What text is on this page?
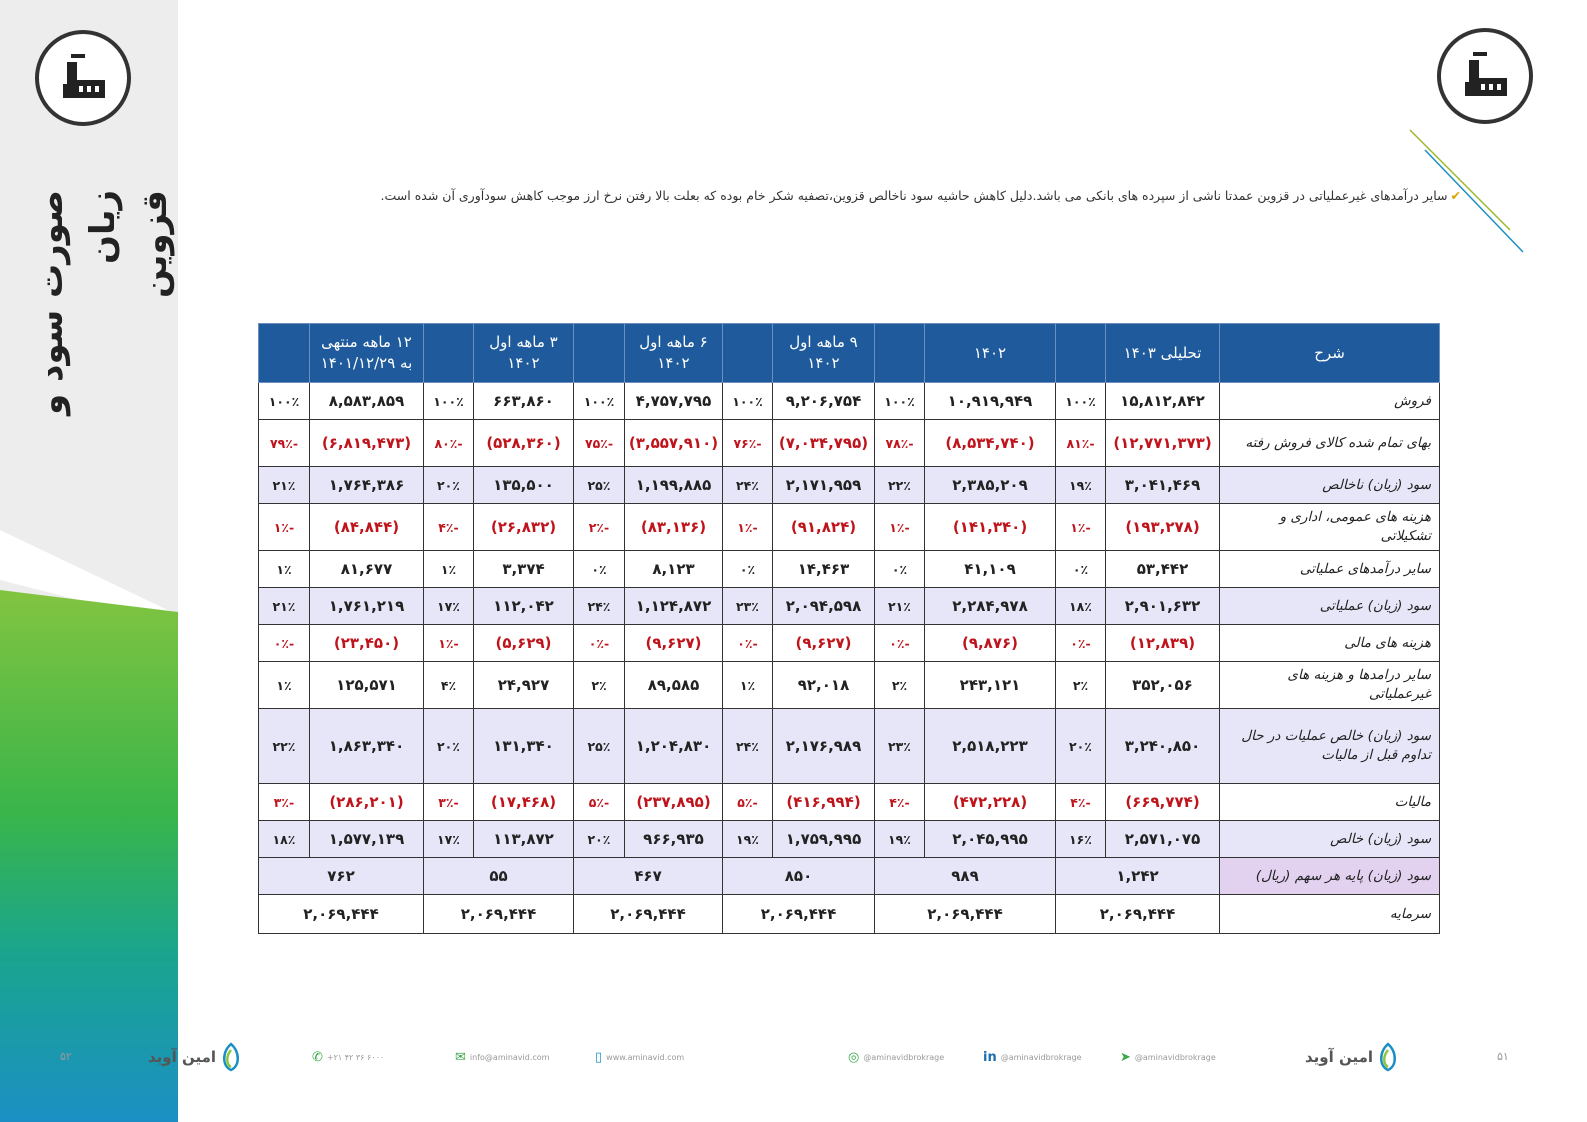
صورت سود و زیان قزوین	✔سایر درآمدهای غیرعملیاتی در قزوین عمدتا ناشی از سپرده های بانکی می باشد.دلیل کاهش حاشیه سود ناخالص قزوین،تصفیه شکر خام بوده که بعلت بالا رفتن نرخ ارز موجب کاهش سودآوری آن شده است.
شرح	تحلیلی ۱۴۰۳		۱۴۰۲		۹ ماهه اول ۱۴۰۲		۶ ماهه اول ۱۴۰۲		۳ ماهه اول ۱۴۰۲		۱۲ ماهه منتهی به ۱۴۰۱/۱۲/۲۹	
فروش	۱۵,۸۱۲,۸۴۲	۱۰۰٪	۱۰,۹۱۹,۹۴۹	۱۰۰٪	۹,۲۰۶,۷۵۴	۱۰۰٪	۴,۷۵۷,۷۹۵	۱۰۰٪	۶۶۳,۸۶۰	۱۰۰٪	۸,۵۸۳,۸۵۹	۱۰۰٪
بهای تمام شده کالای فروش رفته	(۱۲,۷۷۱,۳۷۳)	-۸۱٪	(۸,۵۳۴,۷۴۰)	-۷۸٪	(۷,۰۳۴,۷۹۵)	-۷۶٪	(۳,۵۵۷,۹۱۰)	-۷۵٪	(۵۲۸,۳۶۰)	-۸۰٪	(۶,۸۱۹,۴۷۳)	-۷۹٪
سود (زیان) ناخالص	۳,۰۴۱,۴۶۹	۱۹٪	۲,۳۸۵,۲۰۹	۲۲٪	۲,۱۷۱,۹۵۹	۲۴٪	۱,۱۹۹,۸۸۵	۲۵٪	۱۳۵,۵۰۰	۲۰٪	۱,۷۶۴,۳۸۶	۲۱٪
هزینه های عمومی، اداری و تشکیلاتی	(۱۹۳,۲۷۸)	-۱٪	(۱۴۱,۳۴۰)	-۱٪	(۹۱,۸۲۴)	-۱٪	(۸۳,۱۳۶)	-۲٪	(۲۶,۸۳۲)	-۴٪	(۸۴,۸۴۴)	-۱٪
سایر درآمدهای عملیاتی	۵۳,۴۴۲	۰٪	۴۱,۱۰۹	۰٪	۱۴,۴۶۳	۰٪	۸,۱۲۳	۰٪	۳,۳۷۴	۱٪	۸۱,۶۷۷	۱٪
سود (زیان) عملیاتی	۲,۹۰۱,۶۳۲	۱۸٪	۲,۲۸۴,۹۷۸	۲۱٪	۲,۰۹۴,۵۹۸	۲۳٪	۱,۱۲۴,۸۷۲	۲۴٪	۱۱۲,۰۴۲	۱۷٪	۱,۷۶۱,۲۱۹	۲۱٪
هزینه های مالی	(۱۲,۸۳۹)	-۰٪	(۹,۸۷۶)	-۰٪	(۹,۶۲۷)	-۰٪	(۹,۶۲۷)	-۰٪	(۵,۶۲۹)	-۱٪	(۲۳,۴۵۰)	-۰٪
سایر درامدها و هزینه های غیرعملیاتی	۳۵۲,۰۵۶	۲٪	۲۴۳,۱۲۱	۲٪	۹۲,۰۱۸	۱٪	۸۹,۵۸۵	۲٪	۲۴,۹۲۷	۴٪	۱۲۵,۵۷۱	۱٪
سود (زیان) خالص عملیات در حال تداوم قبل از مالیات	۳,۲۴۰,۸۵۰	۲۰٪	۲,۵۱۸,۲۲۳	۲۳٪	۲,۱۷۶,۹۸۹	۲۴٪	۱,۲۰۴,۸۳۰	۲۵٪	۱۳۱,۳۴۰	۲۰٪	۱,۸۶۳,۳۴۰	۲۲٪
مالیات	(۶۶۹,۷۷۴)	-۴٪	(۴۷۲,۲۲۸)	-۴٪	(۴۱۶,۹۹۴)	-۵٪	(۲۳۷,۸۹۵)	-۵٪	(۱۷,۴۶۸)	-۳٪	(۲۸۶,۲۰۱)	-۳٪
سود (زیان) خالص	۲,۵۷۱,۰۷۵	۱۶٪	۲,۰۴۵,۹۹۵	۱۹٪	۱,۷۵۹,۹۹۵	۱۹٪	۹۶۶,۹۳۵	۲۰٪	۱۱۳,۸۷۲	۱۷٪	۱,۵۷۷,۱۳۹	۱۸٪
سود (زیان) پایه هر سهم (ریال)	۱,۲۴۲		۹۸۹		۸۵۰		۴۶۷		۵۵		۷۶۲	
سرمایه	۲,۰۶۹,۴۴۴		۲,۰۶۹,۴۴۴		۲,۰۶۹,۴۴۴		۲,۰۶۹,۴۴۴		۲,۰۶۹,۴۴۴		۲,۰۶۹,۴۴۴	
۵۲	امین آوید	✆ +۲۱ ۴۲ ۳۶ ۶۰۰۰	✉ info@aminavid.com	▯ www.aminavid.com	◎ @aminavidbrokrage	in @aminavidbrokrage	➤ @aminavidbrokrage	امین آوید	۵۱
